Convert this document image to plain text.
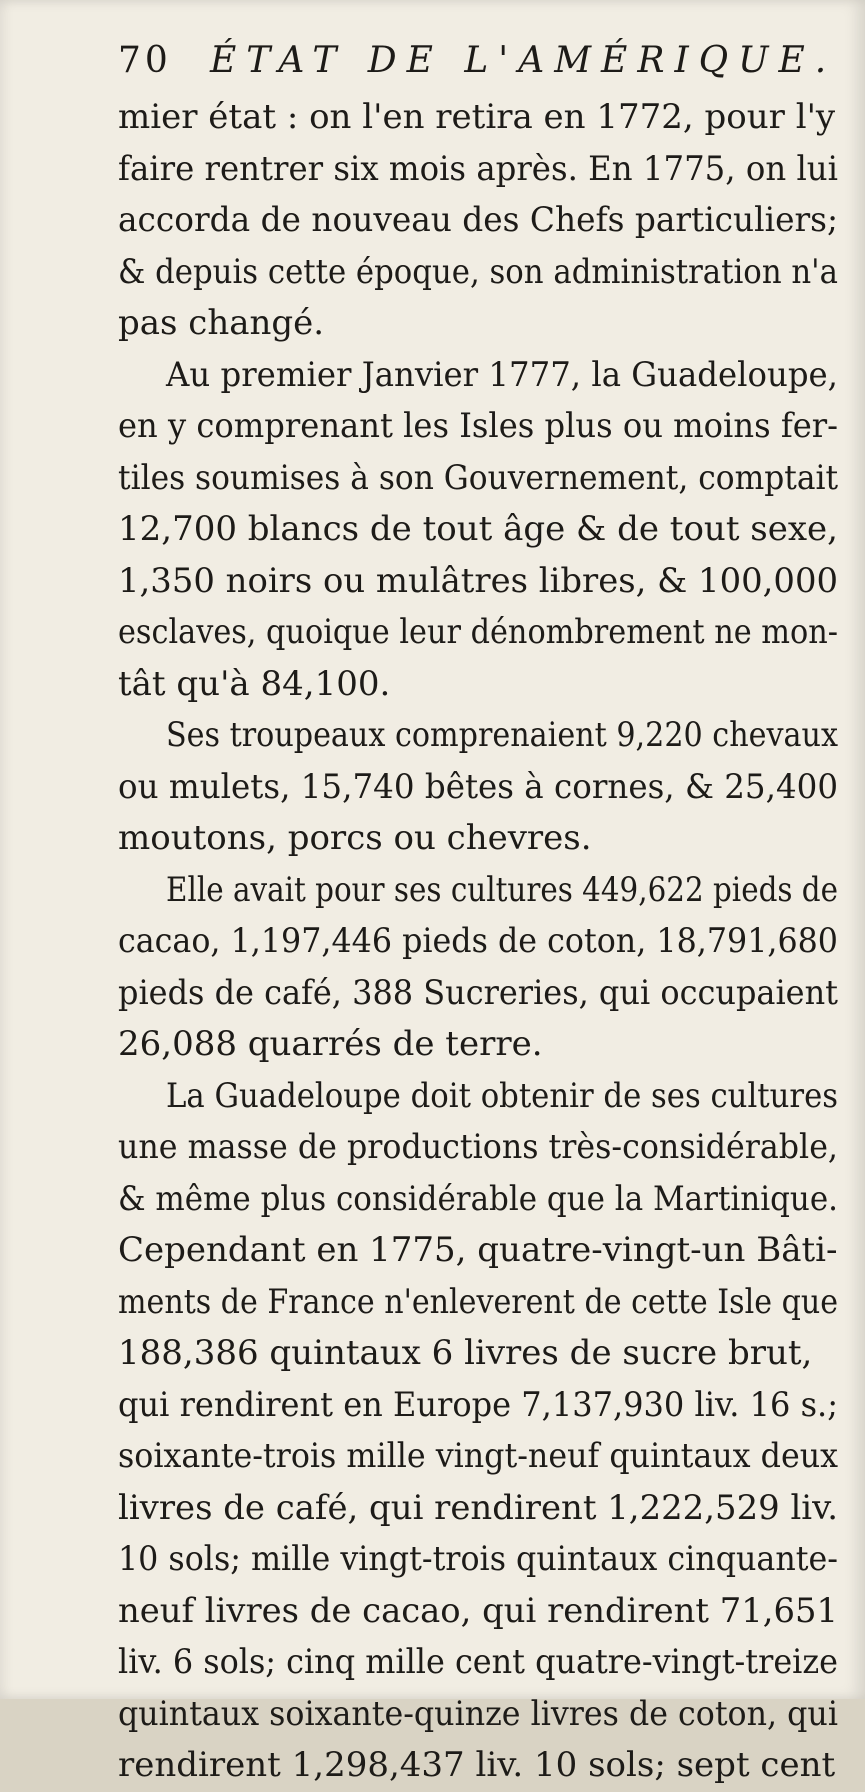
70 ÉTAT DE L'AMÉRIQUE.
mier état : on l'en retira en 1772, pour l'y
faire rentrer six mois après. En 1775, on lui
accorda de nouveau des Chefs particuliers;
& depuis cette époque, son administration n'a
pas changé.
Au premier Janvier 1777, la Guadeloupe,
en y comprenant les Isles plus ou moins fer-
tiles soumises à son Gouvernement, comptait
12,700 blancs de tout âge & de tout sexe,
1,350 noirs ou mulâtres libres, & 100,000
esclaves, quoique leur dénombrement ne mon-
tât qu'à 84,100.
Ses troupeaux comprenaient 9,220 chevaux
ou mulets, 15,740 bêtes à cornes, & 25,400
moutons, porcs ou chevres.
Elle avait pour ses cultures 449,622 pieds de
cacao, 1,197,446 pieds de coton, 18,791,680
pieds de café, 388 Sucreries, qui occupaient
26,088 quarrés de terre.
La Guadeloupe doit obtenir de ses cultures
une masse de productions très-considérable,
& même plus considérable que la Martinique.
Cependant en 1775, quatre-vingt-un Bâti-
ments de France n'enleverent de cette Isle que
188,386 quintaux 6 livres de sucre brut,
qui rendirent en Europe 7,137,930 liv. 16 s.;
soixante-trois mille vingt-neuf quintaux deux
livres de café, qui rendirent 1,222,529 liv.
10 sols; mille vingt-trois quintaux cinquante-
neuf livres de cacao, qui rendirent 71,651
liv. 6 sols; cinq mille cent quatre-vingt-treize
quintaux soixante-quinze livres de coton, qui
rendirent 1,298,437 liv. 10 sols; sept cent
